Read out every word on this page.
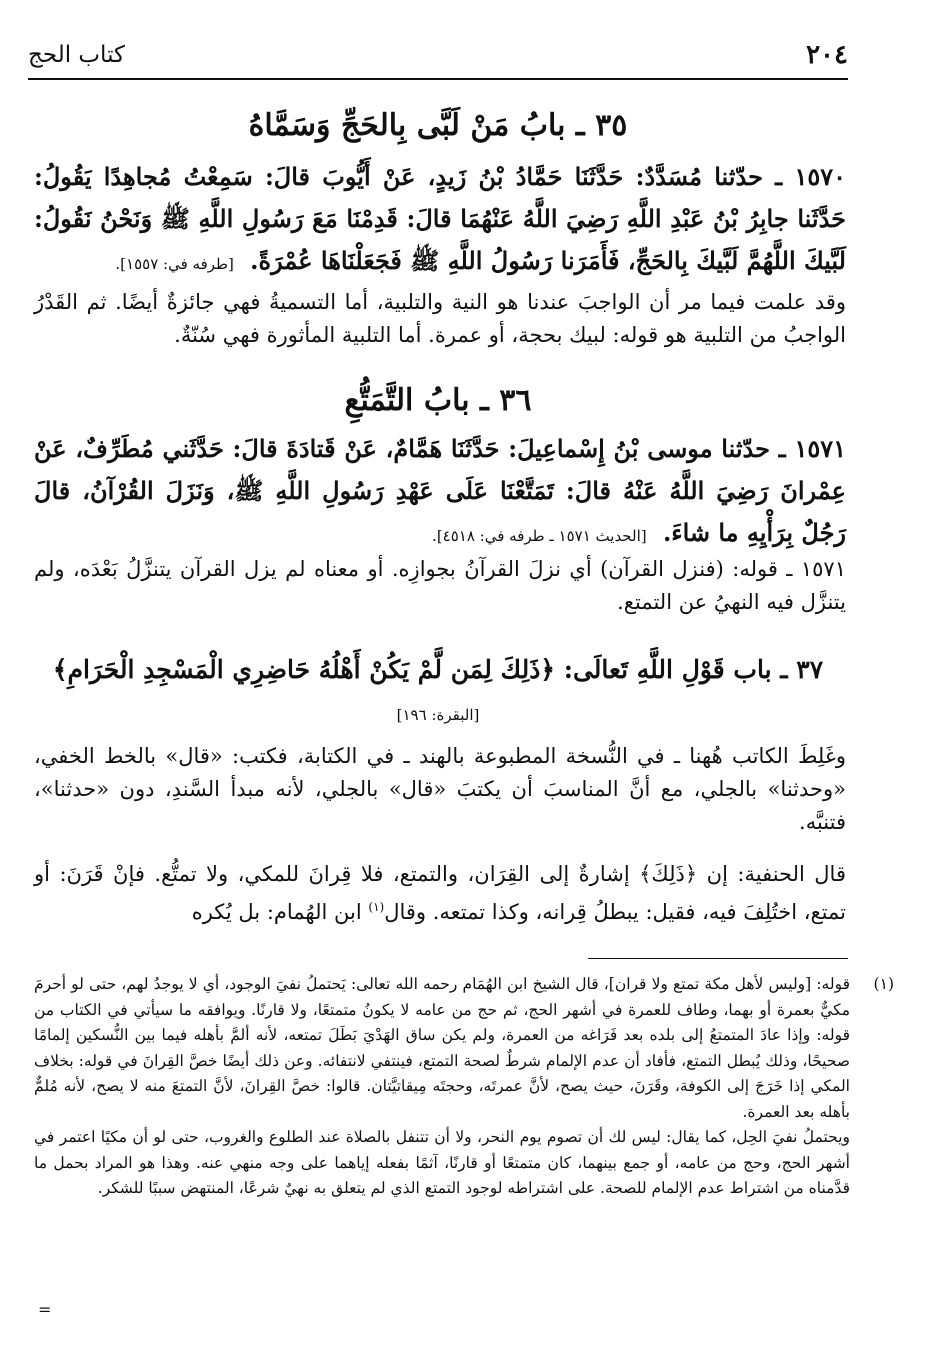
٢٠٤
كتاب الحج
٣٥ ـ بابُ مَنْ لَبَّى بِالحَجِّ وَسَمَّاهُ
١٥٧٠ ـ حدّثنا مُسَدَّدٌ: حَدَّثَنَا حَمَّادُ بْنُ زَيدٍ، عَنْ أَيُّوبَ قالَ: سَمِعْتُ مُجاهِدًا يَقُولُ: حَدَّثَنا جابِرُ بْنُ عَبْدِ اللَّهِ رَضِيَ اللَّهُ عَنْهُمَا قالَ: قَدِمْنَا مَعَ رَسُولِ اللَّهِ ﷺ وَنَحْنُ نَقُولُ: لَبَّيكَ اللَّهُمَّ لَبَّيكَ بِالحَجِّ، فَأَمَرَنا رَسُولُ اللَّهِ ﷺ فَجَعَلْنَاهَا عُمْرَةً. [طرفه في: ١٥٥٧].
وقد علمت فيما مر أن الواجبَ عندنا هو النية والتلبية، أما التسميةُ فهي جائزةٌ أيضًا. ثم القَدْرُ الواجبُ من التلبية هو قوله: لبيك بحجة، أو عمرة. أما التلبية المأثورة فهي سُنّةٌ.
٣٦ ـ بابُ التَّمَتُّعِ
١٥٧١ ـ حدّثنا موسى بْنُ إِسْماعِيلَ: حَدَّثَنَا هَمَّامٌ، عَنْ قَتادَةَ قالَ: حَدَّثَني مُطَرِّفٌ، عَنْ عِمْرانَ رَضِيَ اللَّهُ عَنْهُ قالَ: تَمَتَّعْنَا عَلَى عَهْدِ رَسُولِ اللَّهِ ﷺ، وَنَزَلَ القُرْآنُ، قالَ رَجُلٌ بِرَأْيِهِ ما شاءَ. [الحديث ١٥٧١ ـ طرفه في: ٤٥١٨].
١٥٧١ ـ قوله: (فنزل القرآن) أي نزلَ القرآنُ بجوازِه. أو معناه لم يزل القرآن يتنزَّلُ بَعْدَه، ولم يتنزَّل فيه النهيُ عن التمتع.
٣٧ ـ باب قَوْلِ اللَّهِ تَعالَى: ﴿ذَلِكَ لِمَن لَّمْ يَكُنْ أَهْلُهُ حَاضِرِي الْمَسْجِدِ الْحَرَامِ﴾
[البقرة: ١٩٦]
وغَلِطَ الكاتب هُهنا ـ في النُّسخة المطبوعة بالهند ـ في الكتابة، فكتب: «قال» بالخط الخفي، «وحدثنا» بالجلي، مع أنَّ المناسبَ أن يكتبَ «قال» بالجلي، لأنه مبدأ السَّندِ، دون «حدثنا»، فتنبَّه.
قال الحنفية: إن ﴿ذَلِكَ﴾ إشارةٌ إلى القِرَان، والتمتع، فلا قِرانَ للمكي، ولا تمتُّع. فإنْ قَرَنَ: أو تمتع، اختُلِفَ فيه، فقيل: يبطلُ قِرانه، وكذا تمتعه. وقال$^{(١)}$ ابن الهُمام: بل يُكره
(١)

قوله: [وليس لأهل مكة تمتع ولا قران]، قال الشيخ ابن الهُمَام رحمه الله تعالى: يَحتملُ نفيَ الوجود، أي لا يوجدُ لهم، حتى لو أحرمَ مكيٌّ بعمرة أو بهما، وطاف للعمرة في أشهر الحج، ثم حج من عامه لا يكونُ متمتعًا، ولا قارنًا. ويوافقه ما سيأتي في الكتاب من قوله: وإذا عادَ المتمتعُ إلى بلده بعد فَرَاغه من العمرة، ولم يكن ساق الهَدْيَ بَطَلَ تمتعه، لأنه ألمَّ بأهله فيما بين النُّسكين إلمامًا صحيحًا، وذلك يُبطل التمتع، فأفاد أن عدم الإلمام شرطٌ لصحة التمتع، فينتفي لانتفائه. وعن ذلك أيضًا خصَّ القِرانَ في قوله: بخلاف المكي إذا خَرَجَ إلى الكوفة، وقَرَنَ، حيث يصح، لأنَّ عمرتَه، وحجتَه مِيقاتيَّتان. قالوا: خصَّ القِرانَ، لأنَّ التمتعَ منه لا يصح، لأنه مُلمٌّ بأهله بعد العمرة.

ويحتملُ نفيَ الحِل، كما يقال: ليس لك أن تصوم يوم النحر، ولا أن تتنفل بالصلاة عند الطلوع والغروب، حتى لو أن مكيًا اعتمر في أشهر الحج، وحج من عامه، أو جمع بينهما، كان متمتعًا أو قارنًا، آثمًا بفعله إياهما على وجه منهي عنه. وهذا هو المراد بحمل ما قدَّمناه من اشتراط عدم الإلمام للصحة. على اشتراطه لوجود التمتع الذي لم يتعلق به نهيٌ شرعًا، المنتهض سببًا للشكر.

=
